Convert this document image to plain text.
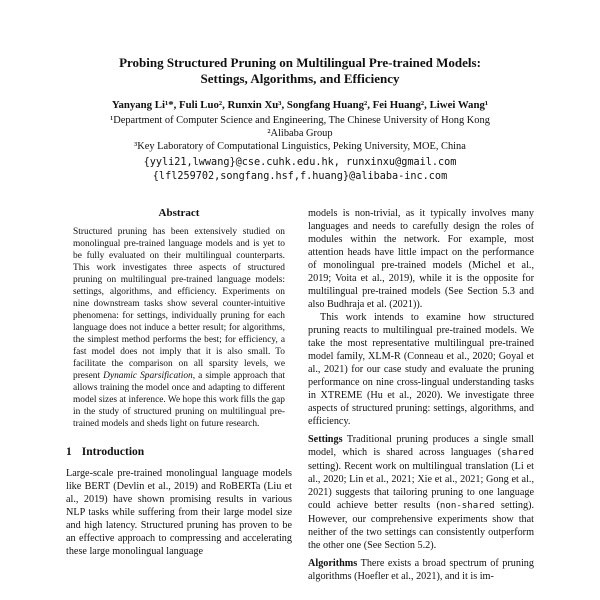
Probing Structured Pruning on Multilingual Pre-trained Models:
Settings, Algorithms, and Efficiency
Yanyang Li¹*, Fuli Luo², Runxin Xu³, Songfang Huang², Fei Huang², Liwei Wang¹
¹Department of Computer Science and Engineering, The Chinese University of Hong Kong
²Alibaba Group
³Key Laboratory of Computational Linguistics, Peking University, MOE, China
{yyli21,lwwang}@cse.cuhk.edu.hk, runxinxu@gmail.com
{lfl259702,songfang.hsf,f.huang}@alibaba-inc.com
Abstract

Structured pruning has been extensively studied on monolingual pre-trained language models and is yet to be fully evaluated on their multilingual counterparts. This work investigates three aspects of structured pruning on multilingual pre-trained language models: settings, algorithms, and efficiency. Experiments on nine downstream tasks show several counter-intuitive phenomena: for settings, individually pruning for each language does not induce a better result; for algorithms, the simplest method performs the best; for efficiency, a fast model does not imply that it is also small. To facilitate the comparison on all sparsity levels, we present Dynamic Sparsification, a simple approach that allows training the model once and adapting to different model sizes at inference. We hope this work fills the gap in the study of structured pruning on multilingual pre-trained models and sheds light on future research.

1 Introduction

Large-scale pre-trained monolingual language models like BERT (Devlin et al., 2019) and RoBERTa (Liu et al., 2019) have shown promising results in various NLP tasks while suffering from their large model size and high latency. Structured pruning has proven to be an effective approach to compressing and accelerating these large monolingual language

models is non-trivial, as it typically involves many languages and needs to carefully design the roles of modules within the network. For example, most attention heads have little impact on the performance of monolingual pre-trained models (Michel et al., 2019; Voita et al., 2019), while it is the opposite for multilingual pre-trained models (See Section 5.3 and also Budhraja et al. (2021)).

This work intends to examine how structured pruning reacts to multilingual pre-trained models. We take the most representative multilingual pre-trained model family, XLM-R (Conneau et al., 2020; Goyal et al., 2021) for our case study and evaluate the pruning performance on nine cross-lingual understanding tasks in XTREME (Hu et al., 2020). We investigate three aspects of structured pruning: settings, algorithms, and efficiency.

Settings Traditional pruning produces a single small model, which is shared across languages (shared setting). Recent work on multilingual translation (Li et al., 2020; Lin et al., 2021; Xie et al., 2021; Gong et al., 2021) suggests that tailoring pruning to one language could achieve better results (non-shared setting). However, our comprehensive experiments show that neither of the two settings can consistently outperform the other one (See Section 5.2).

Algorithms There exists a broad spectrum of pruning algorithms (Hoefler et al., 2021), and it is im-
